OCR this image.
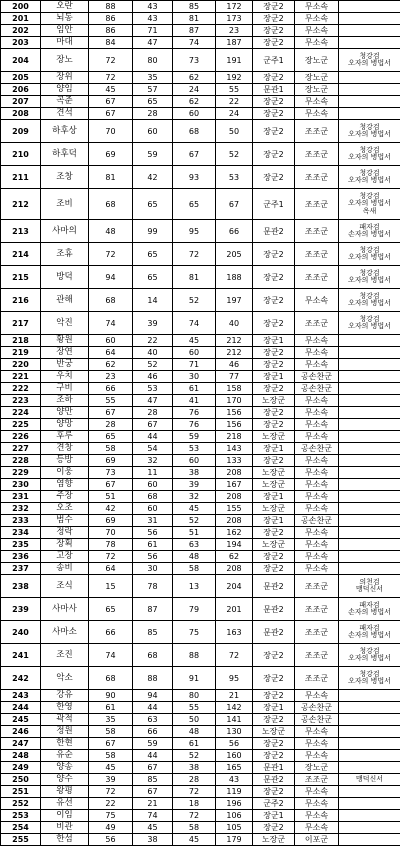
200	오란	88	43	85	172	장군2	무소속	
201	뇌동	86	43	81	173	장군2	무소속	
202	임안	86	71	87	23	장군2	무소속	
203	마대	84	47	74	187	장군2	무소속	
204	장노	72	80	73	191	군주1	장노군	청강검
오자의 병법서
205	장위	72	35	62	192	장군2	장노군	
206	양임	45	57	24	55	문관1	장노군	
207	곡준	67	65	62	22	장군2	무소속	
208	견석	67	28	60	24	장군2	무소속	
209	하후상	70	60	68	50	장군2	조조군	청강검
오자의 병법서
210	하후덕	69	59	67	52	장군2	조조군	청강검
오자의 병법서
211	조창	81	42	93	53	장군2	조조군	청강검
오자의 병법서
212	조비	68	65	65	67	군주1	조조군	청강검
오자의 병법서
옥새
213	사마의	48	99	95	66	문관2	조조군	패자검
손자의 병법서
214	조휴	72	65	72	205	장군2	조조군	청강검
오자의 병법서
215	방덕	94	65	81	188	장군2	조조군	청강검
오자의 병법서
216	관해	68	14	52	197	장군2	무소속	청강검
오자의 병법서
217	악진	74	39	74	40	장군2	조조군	청강검
오자의 병법서
218	황원	60	22	45	212	장군1	무소속	
219	장연	64	40	60	212	장군2	무소속	
220	반궁	62	52	71	46	장군2	무소속	
221	우치	23	46	30	77	장군1	공손찬군	
222	구비	66	53	61	158	장군2	공손찬군	
223	조하	55	47	41	170	노장군	무소속	
224	양만	67	28	76	156	장군2	무소속	
225	양망	28	67	76	156	장군2	무소속	
226	후루	65	44	59	218	노장군	무소속	
227	견창	58	54	53	143	장군1	공손찬군	
228	등방	69	32	60	133	장군2	무소속	
229	이웅	73	11	38	208	노장군	무소속	
230	염향	67	60	39	167	노장군	무소속	
231	주장	51	68	32	208	장군1	무소속	
232	오조	42	60	45	155	노장군	무소속	
233	범수	69	31	52	208	장군1	공손찬군	
234	정락	70	56	51	162	장군2	무소속	
235	장획	78	61	63	194	노장군	무소속	
236	고장	72	56	48	62	장군2	무소속	
237	송비	64	30	58	208	장군2	무소속	
238	조식	15	78	13	204	문관2	조조군	의천검
맹덕신서
239	사마사	65	87	79	201	문관2	조조군	패자검
손자의 병법서
240	사마소	66	85	75	163	문관2	조조군	패자검
손자의 병법서
241	조진	74	68	88	72	장군2	조조군	청강검
오자의 병법서
242	악소	68	88	91	95	장군2	조조군	청강검
오자의 병법서
243	강유	90	94	80	21	장군2	무소속	
244	한영	61	44	55	142	장군1	공손찬군	
245	곽적	35	63	50	141	장군2	공손찬군	
246	정원	58	66	48	130	노장군	무소속	
247	한현	67	59	61	56	장군2	무소속	
248	유순	58	44	52	160	장군2	무소속	
249	양송	45	67	38	165	문관1	장노군	
250	양수	39	85	28	43	문관2	조조군	맹덕신서
251	왕평	72	67	72	119	장군2	무소속	
252	유선	22	21	18	196	군주2	무소속	
253	이임	75	74	72	106	장군1	무소속	
254	비관	49	45	58	105	장군2	무소속	
255	한섬	56	38	45	179	노장군	이포군	
